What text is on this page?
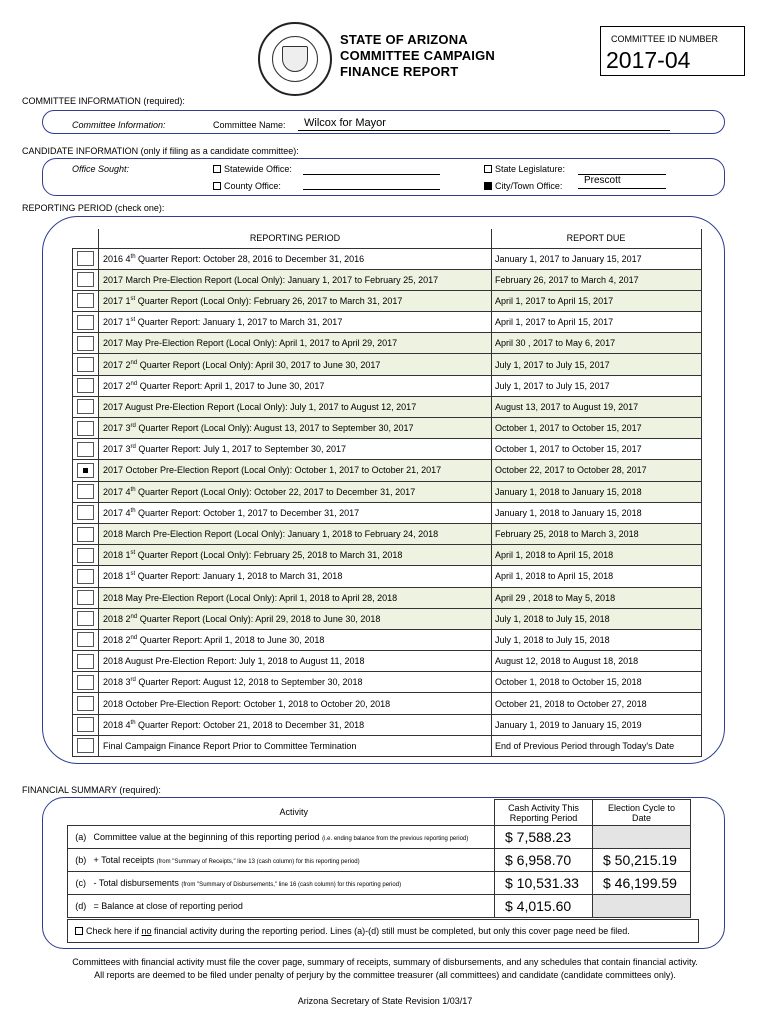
STATE OF ARIZONA
COMMITTEE CAMPAIGN
FINANCE REPORT
COMMITTEE ID NUMBER
2017-04
COMMITTEE INFORMATION (required):
Committee Information:	Committee Name:	Wilcox for Mayor
CANDIDATE INFORMATION (only if filing as a candidate committee):
Office Sought:	Statewide Office:
County Office:
State Legislature:
City/Town Office:	Prescott
REPORTING PERIOD (check one):
	REPORTING PERIOD	REPORT DUE

	2016 4th Quarter Report: October 28, 2016 to December 31, 2016	January 1, 2017 to January 15, 2017

	2017 March Pre-Election Report (Local Only): January 1, 2017 to February 25, 2017	February 26, 2017 to March 4, 2017

	2017 1st Quarter Report (Local Only): February 26, 2017 to March 31, 2017	April 1, 2017 to April 15, 2017

	2017 1st Quarter Report: January 1, 2017 to March 31, 2017	April 1, 2017 to April 15, 2017

	2017 May Pre-Election Report (Local Only): April 1, 2017 to April 29, 2017	April 30 , 2017 to May 6, 2017

	2017 2nd Quarter Report (Local Only): April 30, 2017 to June 30, 2017	July 1, 2017 to July 15, 2017

	2017 2nd Quarter Report: April 1, 2017 to June 30, 2017	July 1, 2017 to July 15, 2017

	2017 August Pre-Election Report (Local Only): July 1, 2017 to August 12, 2017	August 13, 2017 to August 19, 2017

	2017 3rd Quarter Report (Local Only): August 13, 2017 to September 30, 2017	October 1, 2017 to October 15, 2017

	2017 3rd Quarter Report: July 1, 2017 to September 30, 2017	October 1, 2017 to October 15, 2017

	2017 October Pre-Election Report (Local Only): October 1, 2017 to October 21, 2017	October 22, 2017 to October 28, 2017

	2017 4th Quarter Report (Local Only): October 22, 2017 to December 31, 2017	January 1, 2018 to January 15, 2018

	2017 4th Quarter Report: October 1, 2017 to December 31, 2017	January 1, 2018 to January 15, 2018

	2018 March Pre-Election Report (Local Only): January 1, 2018 to February 24, 2018	February 25, 2018 to March 3, 2018

	2018 1st Quarter Report (Local Only): February 25, 2018 to March 31, 2018	April 1, 2018 to April 15, 2018

	2018 1st Quarter Report: January 1, 2018 to March 31, 2018	April 1, 2018 to April 15, 2018

	2018 May Pre-Election Report (Local Only): April 1, 2018 to April 28, 2018	April 29 , 2018 to May 5, 2018

	2018 2nd Quarter Report (Local Only): April 29, 2018 to June 30, 2018	July 1, 2018 to July 15, 2018

	2018 2nd Quarter Report: April 1, 2018 to June 30, 2018	July 1, 2018 to July 15, 2018

	2018 August Pre-Election Report: July 1, 2018 to August 11, 2018	August 12, 2018 to August 18, 2018

	2018 3rd Quarter Report: August 12, 2018 to September 30, 2018	October 1, 2018 to October 15, 2018

	2018 October Pre-Election Report: October 1, 2018 to October 20, 2018	October 21, 2018 to October 27, 2018

	2018 4th Quarter Report: October 21, 2018 to December 31, 2018	January 1, 2019 to January 15, 2019

	Final Campaign Finance Report Prior to Committee Termination	End of Previous Period through Today's Date
FINANCIAL SUMMARY (required):
	Activity	Cash Activity This Reporting Period	Election Cycle to Date
(a)	Committee value at the beginning of this reporting period (i.e. ending balance from the previous reporting period)	$ 7,588.23	
(b)	+ Total receipts (from "Summary of Receipts," line 13 (cash column) for this reporting period)	$ 6,958.70	$ 50,215.19
(c)	- Total disbursements (from "Summary of Disbursements," line 16 (cash column) for this reporting period)	$ 10,531.33	$ 46,199.59
(d)	= Balance at close of reporting period	$ 4,015.60	
Check here if no financial activity during the reporting period. Lines (a)-(d) still must be completed, but only this cover page need be filed.
Committees with financial activity must file the cover page, summary of receipts, summary of disbursements, and any schedules that contain financial activity.
All reports are deemed to be filed under penalty of perjury by the committee treasurer (all committees) and candidate (candidate committees only).
Arizona Secretary of State Revision 1/03/17
